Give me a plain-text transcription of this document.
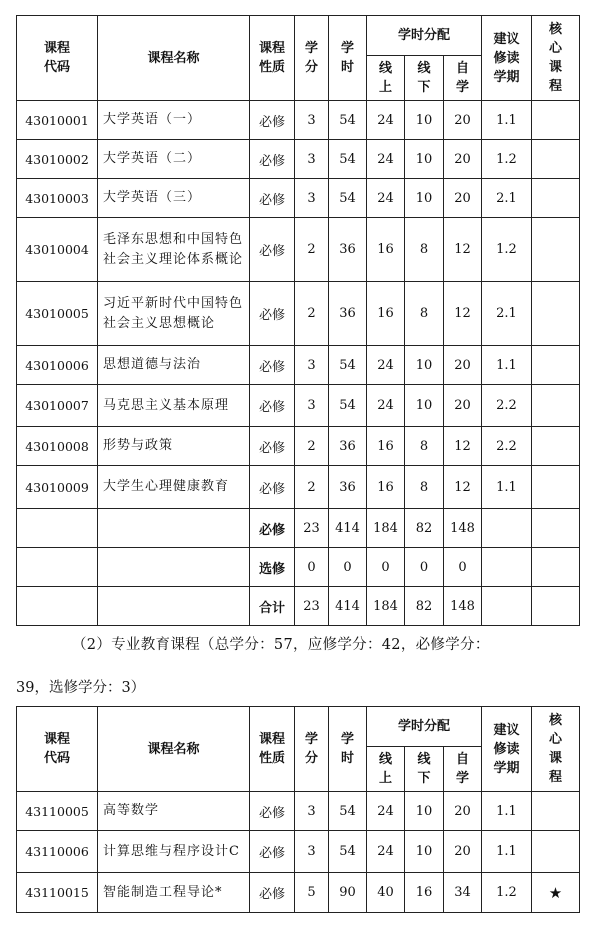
课程代码	课程名称	课程性质	学分	学时	学时分配			建议修读学期	核心课程
					线上	线下	自学		
43010001	大学英语（一）	必修	3	54	24	10	20	1.1	
43010002	大学英语（二）	必修	3	54	24	10	20	1.2	
43010003	大学英语（三）	必修	3	54	24	10	20	2.1	
43010004	毛泽东思想和中国特色社会主义理论体系概论	必修	2	36	16	8	12	1.2	
43010005	习近平新时代中国特色社会主义思想概论	必修	2	36	16	8	12	2.1	
43010006	思想道德与法治	必修	3	54	24	10	20	1.1	
43010007	马克思主义基本原理	必修	3	54	24	10	20	2.2	
43010008	形势与政策	必修	2	36	16	8	12	2.2	
43010009	大学生心理健康教育	必修	2	36	16	8	12	1.1	
		必修	23	414	184	82	148		
		选修	0	0	0	0	0		
		合计	23	414	184	82	148		
（2）专业教育课程（总学分：57，应修学分：42，必修学分：
39，选修学分：3）
课程代码	课程名称	课程性质	学分	学时	学时分配			建议修读学期	核心课程
					线上	线下	自学		
43110005	高等数学	必修	3	54	24	10	20	1.1	
43110006	计算思维与程序设计C	必修	3	54	24	10	20	1.1	
43110015	智能制造工程导论*	必修	5	90	40	16	34	1.2	★
